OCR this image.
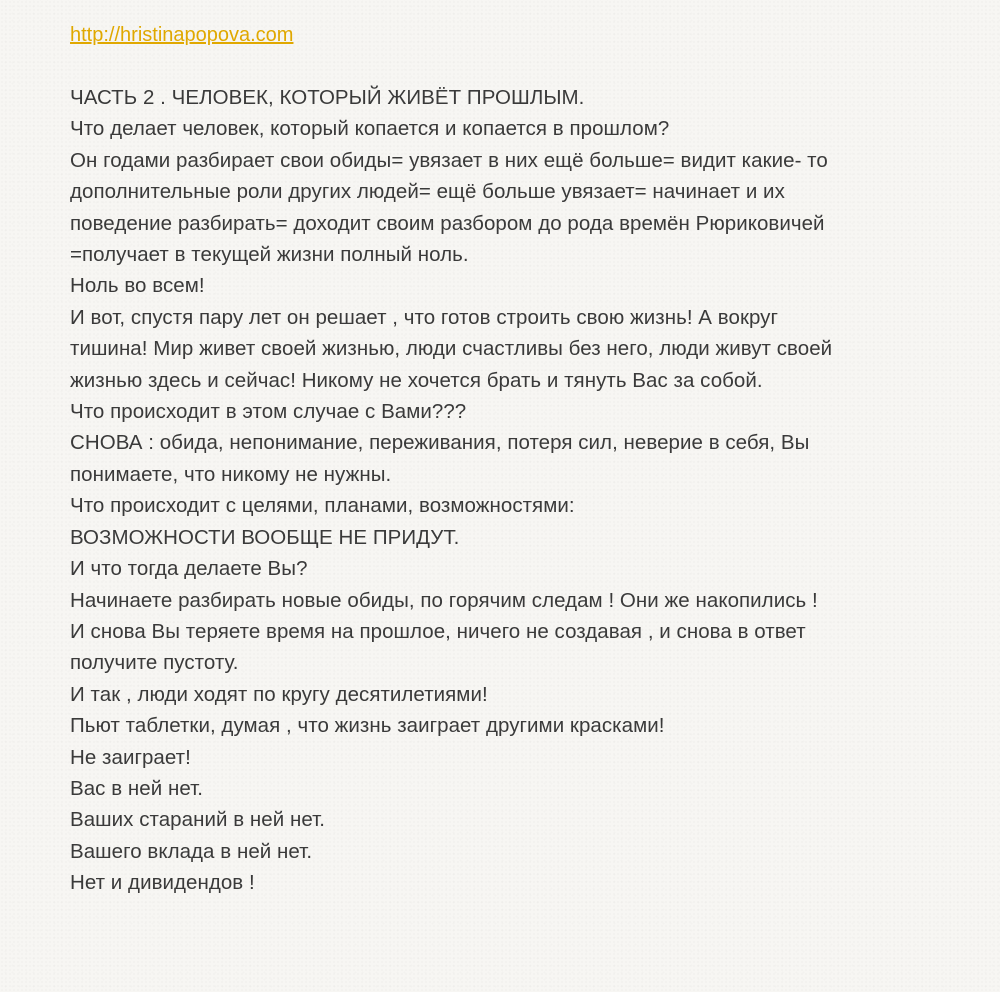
http://hristinapopova.com
ЧАСТЬ 2 . ЧЕЛОВЕК, КОТОРЫЙ ЖИВЁТ ПРОШЛЫМ.
Что делает человек, который копается и копается в прошлом?
Он годами разбирает свои обиды= увязает в них ещё больше= видит какие- то
дополнительные роли других людей= ещё больше увязает= начинает и их
поведение разбирать= доходит своим разбором до рода времён Рюриковичей
=получает в текущей жизни полный ноль.
Ноль во всем!
И вот, спустя пару лет он решает , что готов строить свою жизнь! А вокруг
тишина! Мир живет своей жизнью, люди счастливы без него, люди живут своей
жизнью здесь и сейчас! Никому не хочется брать и тянуть Вас за собой.
Что происходит в этом случае с Вами???
СНОВА : обида, непонимание, переживания, потеря сил, неверие в себя, Вы
понимаете, что никому не нужны.
Что происходит с целями, планами, возможностями:
ВОЗМОЖНОСТИ ВООБЩЕ НЕ ПРИДУТ.
И что тогда делаете Вы?
Начинаете разбирать новые обиды, по горячим следам ! Они же накопились !
И снова Вы теряете время на прошлое, ничего не создавая , и снова в ответ
получите пустоту.
И так , люди ходят по кругу десятилетиями!
Пьют таблетки, думая , что жизнь заиграет другими красками!
Не заиграет!
Вас в ней нет.
Ваших стараний в ней нет.
Вашего вклада в ней нет.
Нет и дивидендов !
